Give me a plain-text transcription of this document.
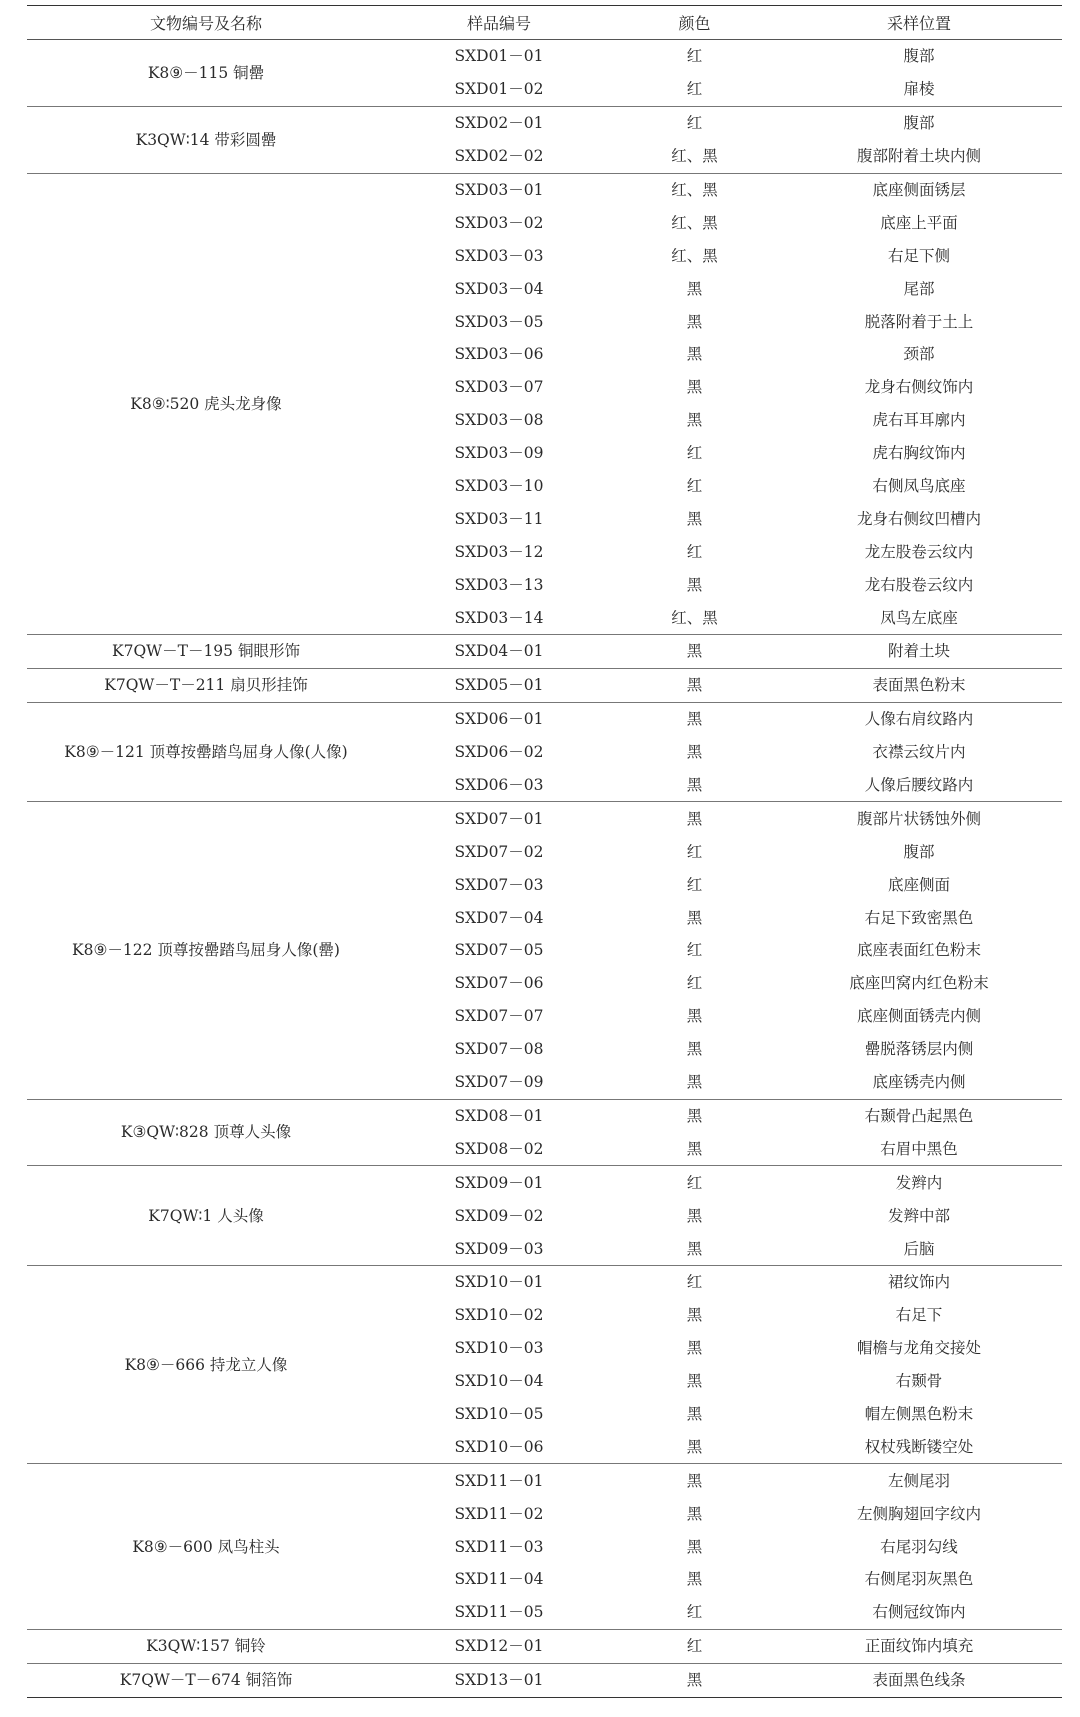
文物编号及名称	样品编号	颜色	采样位置
K8⑨－115 铜罍	SXD01－01	红	腹部
	SXD01－02	红	扉棱
K3QW∶14 带彩圆罍	SXD02－01	红	腹部
	SXD02－02	红、黑	腹部附着土块内侧
K8⑨∶520 虎头龙身像	SXD03－01	红、黑	底座侧面锈层
	SXD03－02	红、黑	底座上平面
	SXD03－03	红、黑	右足下侧
	SXD03－04	黑	尾部
	SXD03－05	黑	脱落附着于土上
	SXD03－06	黑	颈部
	SXD03－07	黑	龙身右侧纹饰内
	SXD03－08	黑	虎右耳耳廓内
	SXD03－09	红	虎右胸纹饰内
	SXD03－10	红	右侧凤鸟底座
	SXD03－11	黑	龙身右侧纹凹槽内
	SXD03－12	红	龙左股卷云纹内
	SXD03－13	黑	龙右股卷云纹内
	SXD03－14	红、黑	凤鸟左底座
K7QW－T－195 铜眼形饰	SXD04－01	黑	附着土块
K7QW－T－211 扇贝形挂饰	SXD05－01	黑	表面黑色粉末
K8⑨－121 顶尊按罍踏鸟屈身人像(人像)	SXD06－01	黑	人像右肩纹路内
	SXD06－02	黑	衣襟云纹片内
	SXD06－03	黑	人像后腰纹路内
K8⑨－122 顶尊按罍踏鸟屈身人像(罍)	SXD07－01	黑	腹部片状锈蚀外侧
	SXD07－02	红	腹部
	SXD07－03	红	底座侧面
	SXD07－04	黑	右足下致密黑色
	SXD07－05	红	底座表面红色粉末
	SXD07－06	红	底座凹窝内红色粉末
	SXD07－07	黑	底座侧面锈壳内侧
	SXD07－08	黑	罍脱落锈层内侧
	SXD07－09	黑	底座锈壳内侧
K③QW∶828 顶尊人头像	SXD08－01	黑	右颞骨凸起黑色
	SXD08－02	黑	右眉中黑色
K7QW∶1 人头像	SXD09－01	红	发辫内
	SXD09－02	黑	发辫中部
	SXD09－03	黑	后脑
K8⑨－666 持龙立人像	SXD10－01	红	裙纹饰内
	SXD10－02	黑	右足下
	SXD10－03	黑	帽檐与龙角交接处
	SXD10－04	黑	右颞骨
	SXD10－05	黑	帽左侧黑色粉末
	SXD10－06	黑	权杖残断镂空处
K8⑨－600 凤鸟柱头	SXD11－01	黑	左侧尾羽
	SXD11－02	黑	左侧胸翅回字纹内
	SXD11－03	黑	右尾羽勾线
	SXD11－04	黑	右侧尾羽灰黑色
	SXD11－05	红	右侧冠纹饰内
K3QW∶157 铜铃	SXD12－01	红	正面纹饰内填充
K7QW－T－674 铜箔饰	SXD13－01	黑	表面黑色线条
